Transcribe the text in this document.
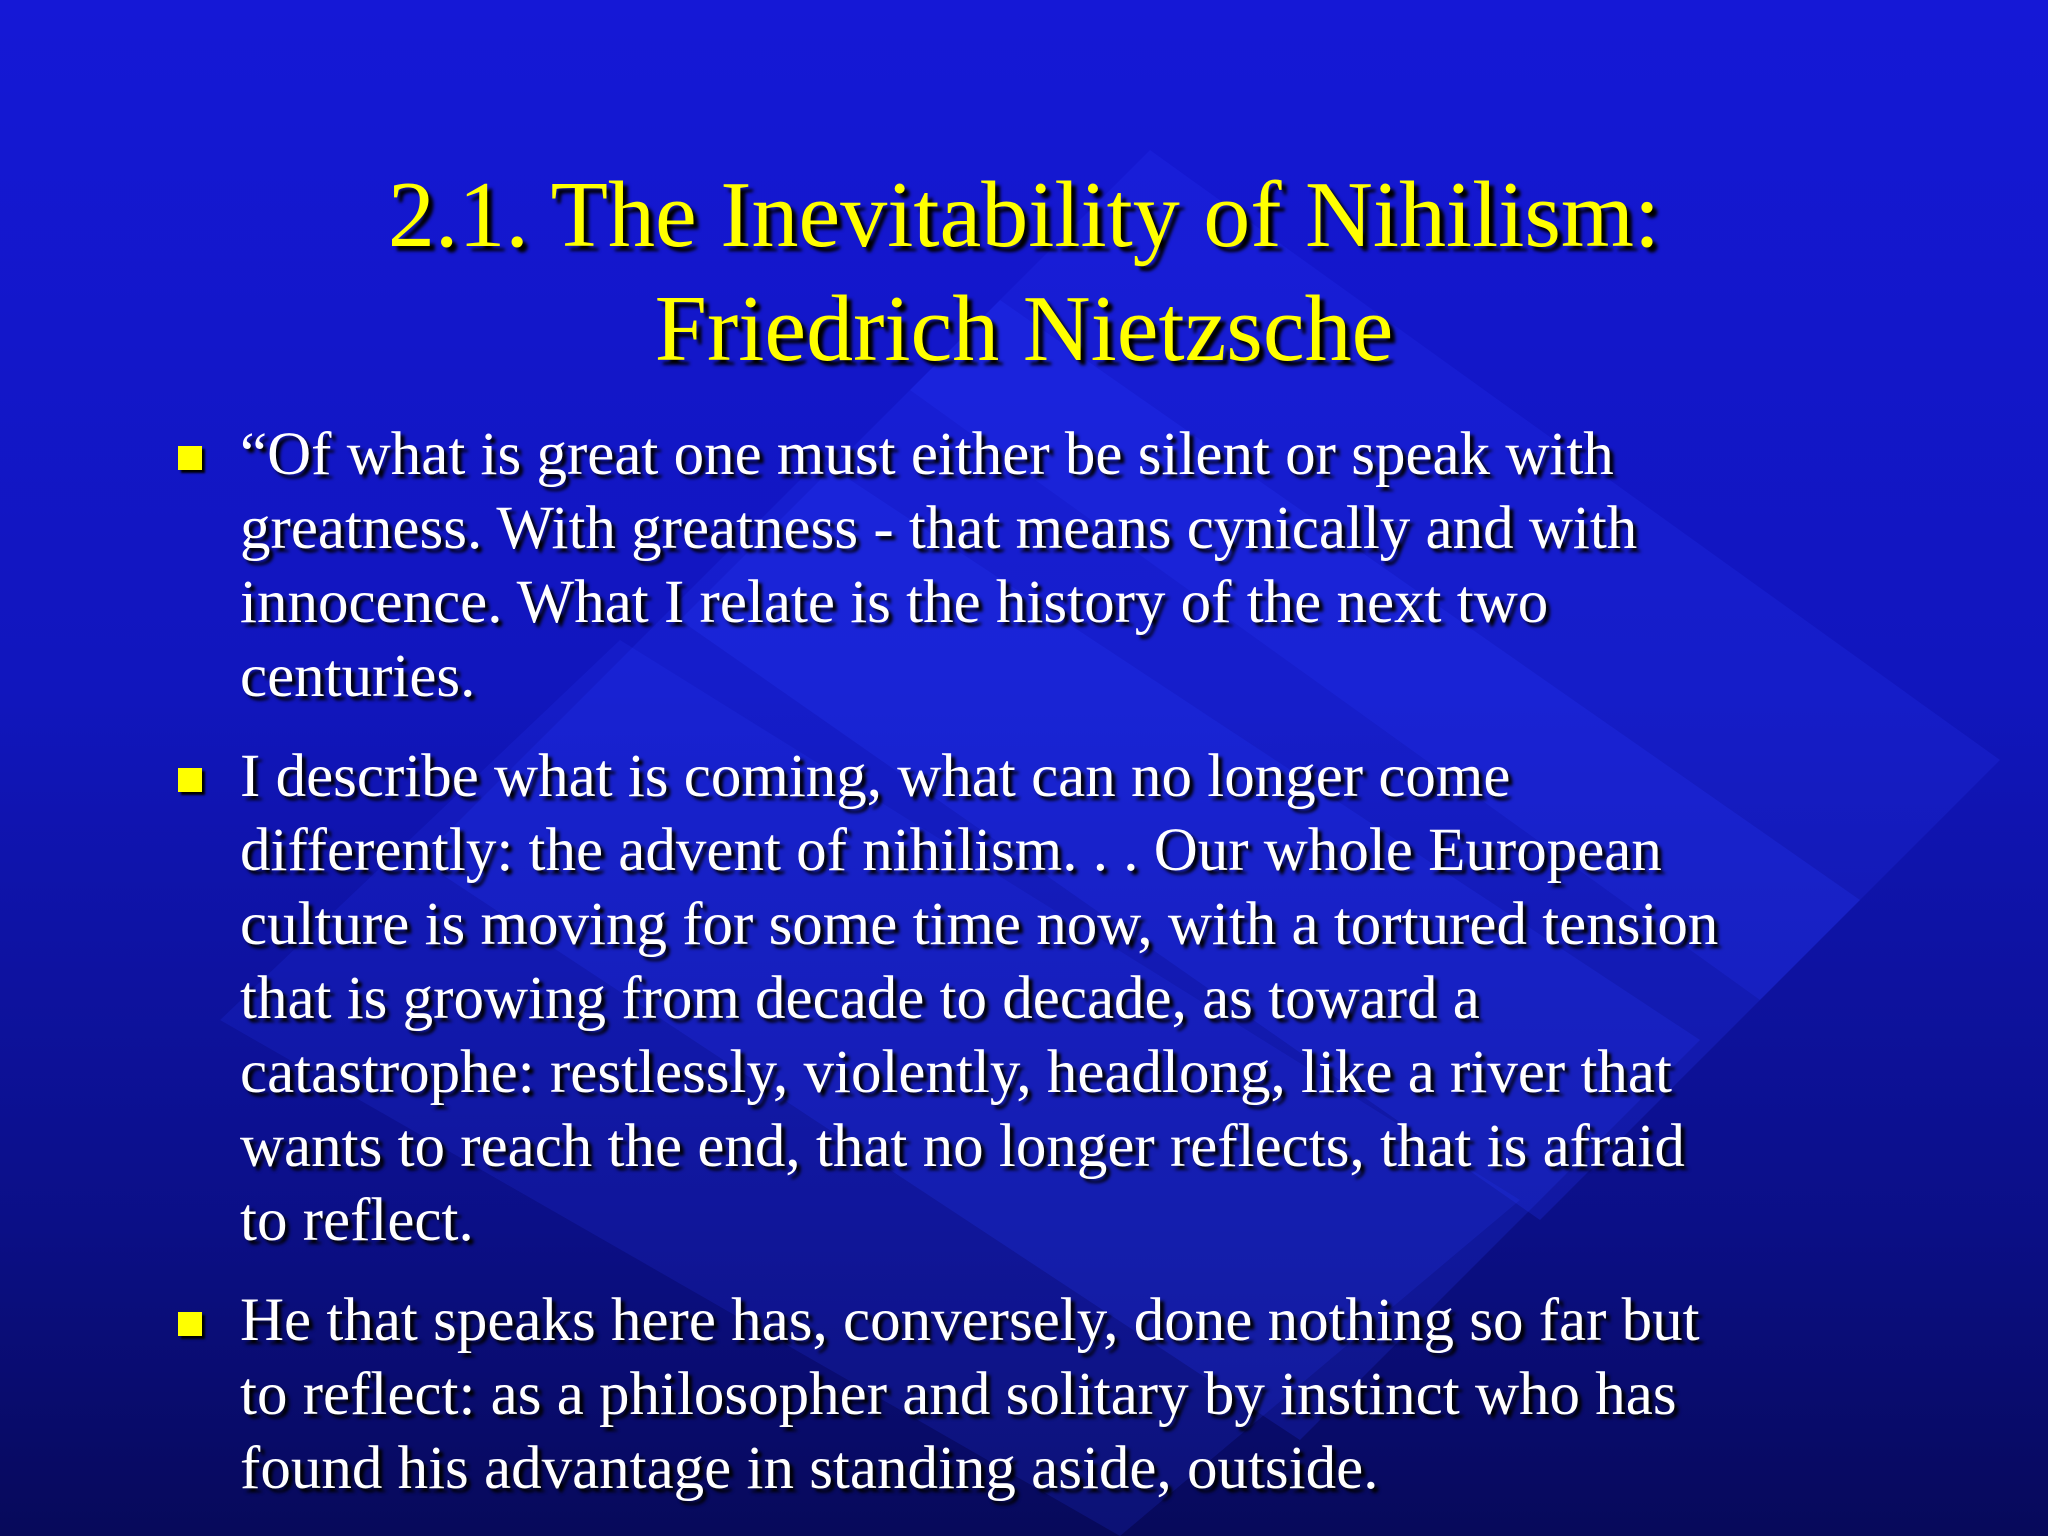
2.1. The Inevitability of Nihilism:
Friedrich Nietzsche
“Of what is great one must either be silent or speak with
greatness. With greatness - that means cynically and with
innocence. What I relate is the history of the next two
centuries.
I describe what is coming, what can no longer come
differently: the advent of nihilism. . . Our whole European
culture is moving for some time now, with a tortured tension
that is growing from decade to decade, as toward a
catastrophe: restlessly, violently, headlong, like a river that
wants to reach the end, that no longer reflects, that is afraid
to reflect.
He that speaks here has, conversely, done nothing so far but
to reflect: as a philosopher and solitary by instinct who has
found his advantage in standing aside, outside.
